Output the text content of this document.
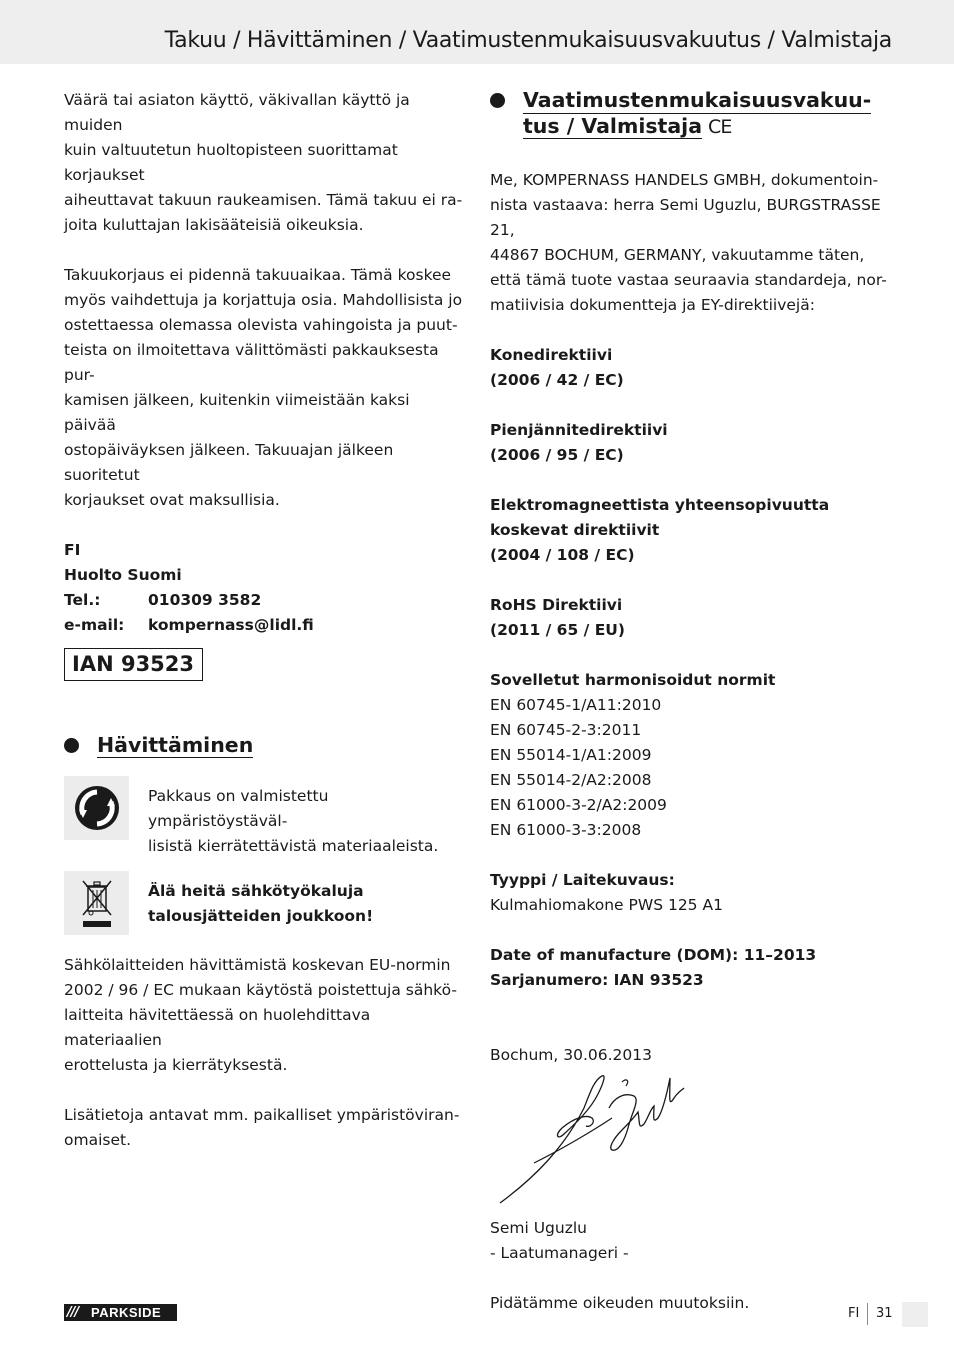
Takuu / Hävittäminen / Vaatimustenmukaisuusvakuutus / Valmistaja

Väärä tai asiaton käyttö, väkivallan käyttö ja muiden

kuin valtuutetun huoltopisteen suorittamat korjaukset

aiheuttavat takuun raukeamisen. Tämä takuu ei ra-

joita kuluttajan lakisääteisiä oikeuksia.

Takuukorjaus ei pidennä takuuaikaa. Tämä koskee

myös vaihdettuja ja korjattuja osia. Mahdollisista jo

ostettaessa olemassa olevista vahingoista ja puut-

teista on ilmoitettava välittömästi pakkauksesta pur-

kamisen jälkeen, kuitenkin viimeistään kaksi päivää

ostopäiväyksen jälkeen. Takuuajan jälkeen suoritetut

korjaukset ovat maksullisia.

FI

Huolto Suomi

Tel.:	010309 3582
e-mail:	kompernass@lidl.fi
IAN 93523
Hävittäminen

Pakkaus on valmistettu ympäristöystäväl-

lisistä kierrätettävistä materiaaleista.

Älä heitä sähkötyökaluja

talousjätteiden joukkoon!

Sähkölaitteiden hävittämistä koskevan EU-normin

2002 / 96 / EC mukaan käytöstä poistettuja sähkö-

laitteita hävitettäessä on huolehdittava materiaalien

erottelusta ja kierrätyksestä.

Lisätietoja antavat mm. paikalliset ympäristöviran-

omaiset.

Vaatimustenmukaisuusvakuu-

tus / Valmistaja CE

Me, KOMPERNASS HANDELS GMBH, dokumentoin-

nista vastaava: herra Semi Uguzlu, BURGSTRASSE 21,

44867 BOCHUM, GERMANY, vakuutamme täten,

että tämä tuote vastaa seuraavia standardeja, nor-

matiivisia dokumentteja ja EY-direktiivejä:

Konedirektiivi

(2006 / 42 / EC)

Pienjännitedirektiivi

(2006 / 95 / EC)

Elektromagneettista yhteensopivuutta

koskevat direktiivit

(2004 / 108 / EC)

RoHS Direktiivi

(2011 / 65 / EU)

Sovelletut harmonisoidut normit

EN 60745-1/A11:2010

EN 60745-2-3:2011

EN 55014-1/A1:2009

EN 55014-2/A2:2008

EN 61000-3-2/A2:2009

EN 61000-3-3:2008

Tyyppi / Laitekuvaus:

Kulmahiomakone PWS 125 A1

Date of manufacture (DOM): 11–2013

Sarjanumero: IAN 93523

Bochum, 30.06.2013

Semi Uguzlu

- Laatumanageri -

Pidätämme oikeuden muutoksiin.

/// PARKSIDE	FI 31
